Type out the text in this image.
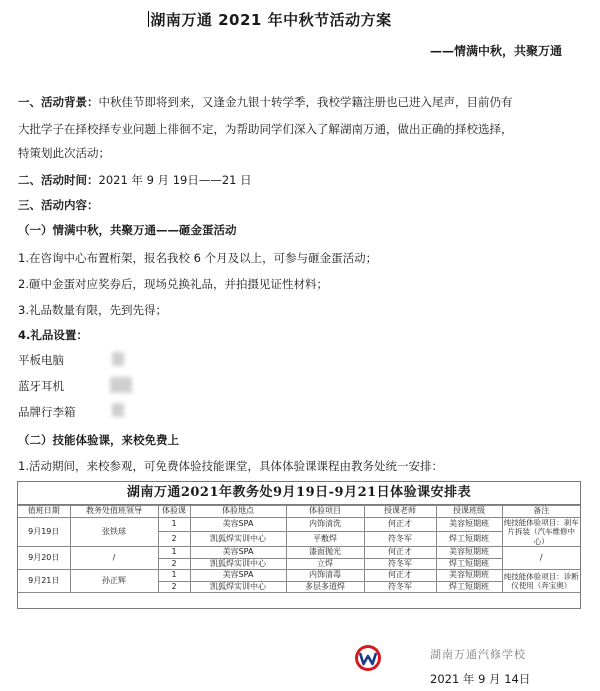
湖南万通 2021 年中秋节活动方案
——情满中秋，共聚万通
一、活动背景：中秋佳节即将到来，又逢金九银十转学季，我校学籍注册也已进入尾声，目前仍有
大批学子在择校择专业问题上徘徊不定，为帮助同学们深入了解湖南万通，做出正确的择校选择，
特策划此次活动；
二、活动时间：2021 年 9 月 19日——21 日
三、活动内容：
（一）情满中秋，共聚万通——砸金蛋活动
1.在咨询中心布置桁架，报名我校 6 个月及以上，可参与砸金蛋活动；
2.砸中金蛋对应奖券后，现场兑换礼品，并拍摄见证性材料；
3.礼品数量有限，先到先得；
4.礼品设置：
平板电脑
蓝牙耳机
品牌行李箱
（二）技能体验课，来校免费上
1.活动期间，来校参观，可免费体验技能课堂，具体体验课课程由教务处统一安排：
湖南万通2021年教务处9月19日-9月21日体验课安排表
值班日期	教务处值班领导	体验课	体验地点	体验项目	授课老师	授课班级	备注
9月19日	张铁球	1	美容SPA	内饰清洗	何正才	美容短期班	纯技能体验项目：刹车片拆装（汽车维修中心）
		2	凯狐焊实训中心	平敷焊	符冬军	焊工短期班	
9月20日	/	1	美容SPA	漆面抛光	何正才	美容短期班	/
		2	凯狐焊实训中心	立焊	符冬军	焊工短期班	
9月21日	孙正辉	1	美容SPA	内饰清毒	何正才	美容短期班	纯技能体验项目：诊断仪使用（奔宝奥）
		2	凯狐焊实训中心	多层多道焊	符冬军	焊工短期班	
湖南万通汽修学校
2021 年 9 月 14日
